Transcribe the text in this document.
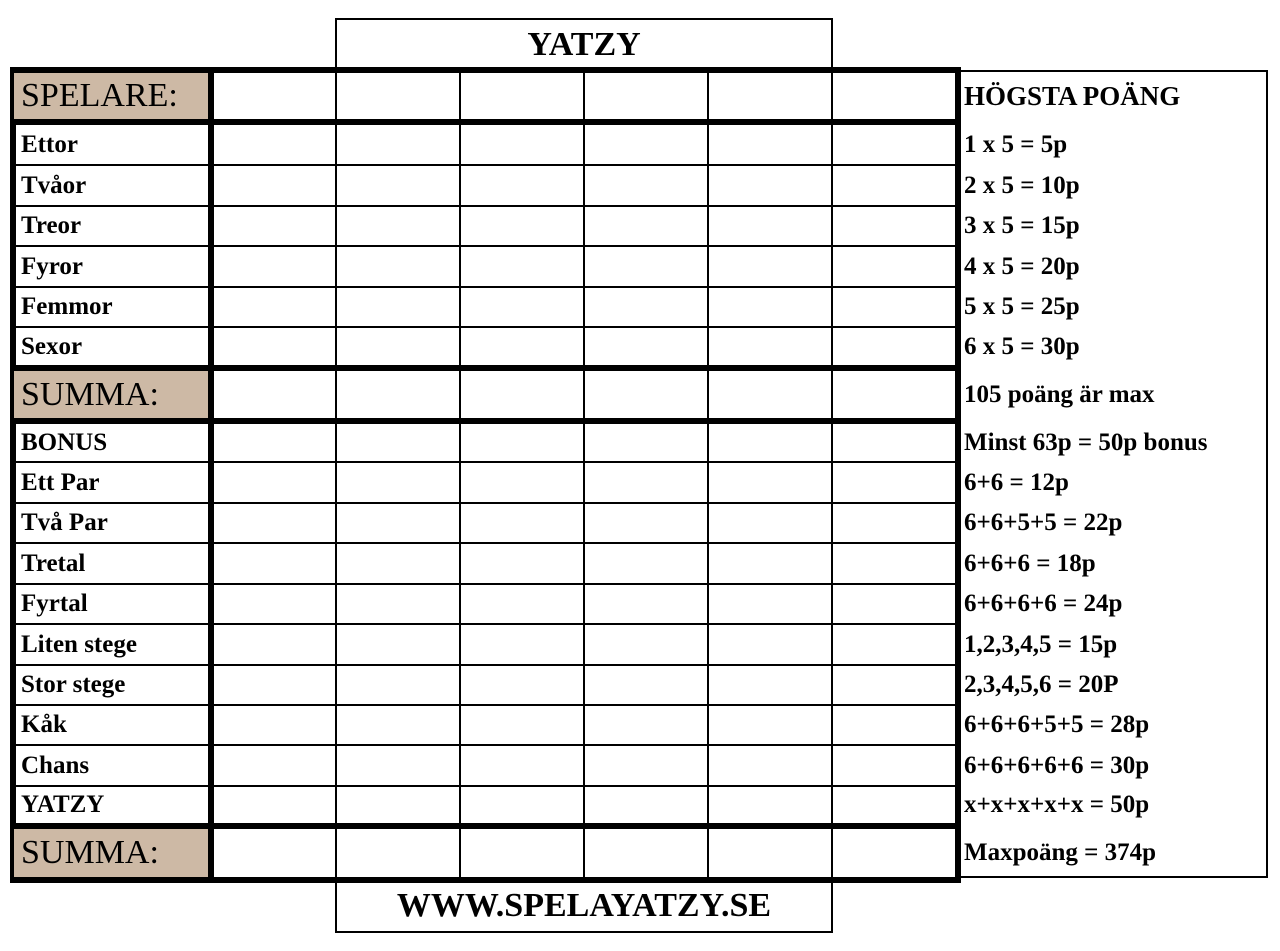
YATZY
WWW.SPELAYATZY.SE
SPELARE:	HÖGSTA POÄNG
Ettor	1 x 5 = 5p
Tvåor	2 x 5 = 10p
Treor	3 x 5 = 15p
Fyror	4 x 5 = 20p
Femmor	5 x 5 = 25p
Sexor	6 x 5 = 30p
SUMMA:	105 poäng är max
BONUS	Minst 63p = 50p bonus
Ett Par	6+6 = 12p
Två Par	6+6+5+5 = 22p
Tretal	6+6+6 = 18p
Fyrtal	6+6+6+6 = 24p
Liten stege	1,2,3,4,5 = 15p
Stor stege	2,3,4,5,6 = 20P
Kåk	6+6+6+5+5 = 28p
Chans	6+6+6+6+6 = 30p
YATZY	x+x+x+x+x = 50p
SUMMA:	Maxpoäng = 374p
